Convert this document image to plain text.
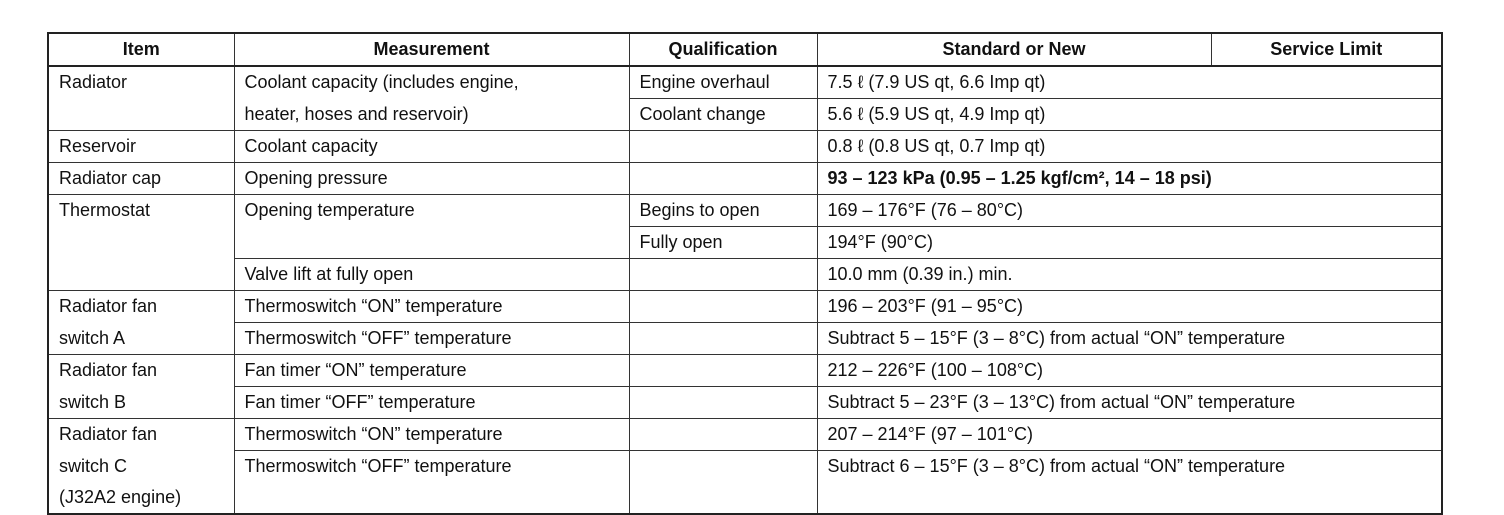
Item	Measurement	Qualification	Standard or New	Service Limit
Radiator	Coolant capacity (includes engine,	Engine overhaul	7.5 ℓ (7.9 US qt, 6.6 Imp qt)	
	heater, hoses and reservoir)	Coolant change	5.6 ℓ (5.9 US qt, 4.9 Imp qt)	
Reservoir	Coolant capacity		0.8 ℓ (0.8 US qt, 0.7 Imp qt)	
Radiator cap	Opening pressure		93 – 123 kPa (0.95 – 1.25 kgf/cm², 14 – 18 psi)	
Thermostat	Opening temperature	Begins to open	169 – 176°F (76 – 80°C)	
		Fully open	194°F (90°C)	
	Valve lift at fully open		10.0 mm (0.39 in.) min.	
Radiator fan	Thermoswitch “ON” temperature		196 – 203°F (91 – 95°C)	
switch A	Thermoswitch “OFF” temperature		Subtract 5 – 15°F (3 – 8°C) from actual “ON” temperature	
Radiator fan	Fan timer “ON” temperature		212 – 226°F (100 – 108°C)	
switch B	Fan timer “OFF” temperature		Subtract 5 – 23°F (3 – 13°C) from actual “ON” temperature	
Radiator fan	Thermoswitch “ON” temperature		207 – 214°F (97 – 101°C)	
switch C	Thermoswitch “OFF” temperature		Subtract 6 – 15°F (3 – 8°C) from actual “ON” temperature	
(J32A2 engine)				
